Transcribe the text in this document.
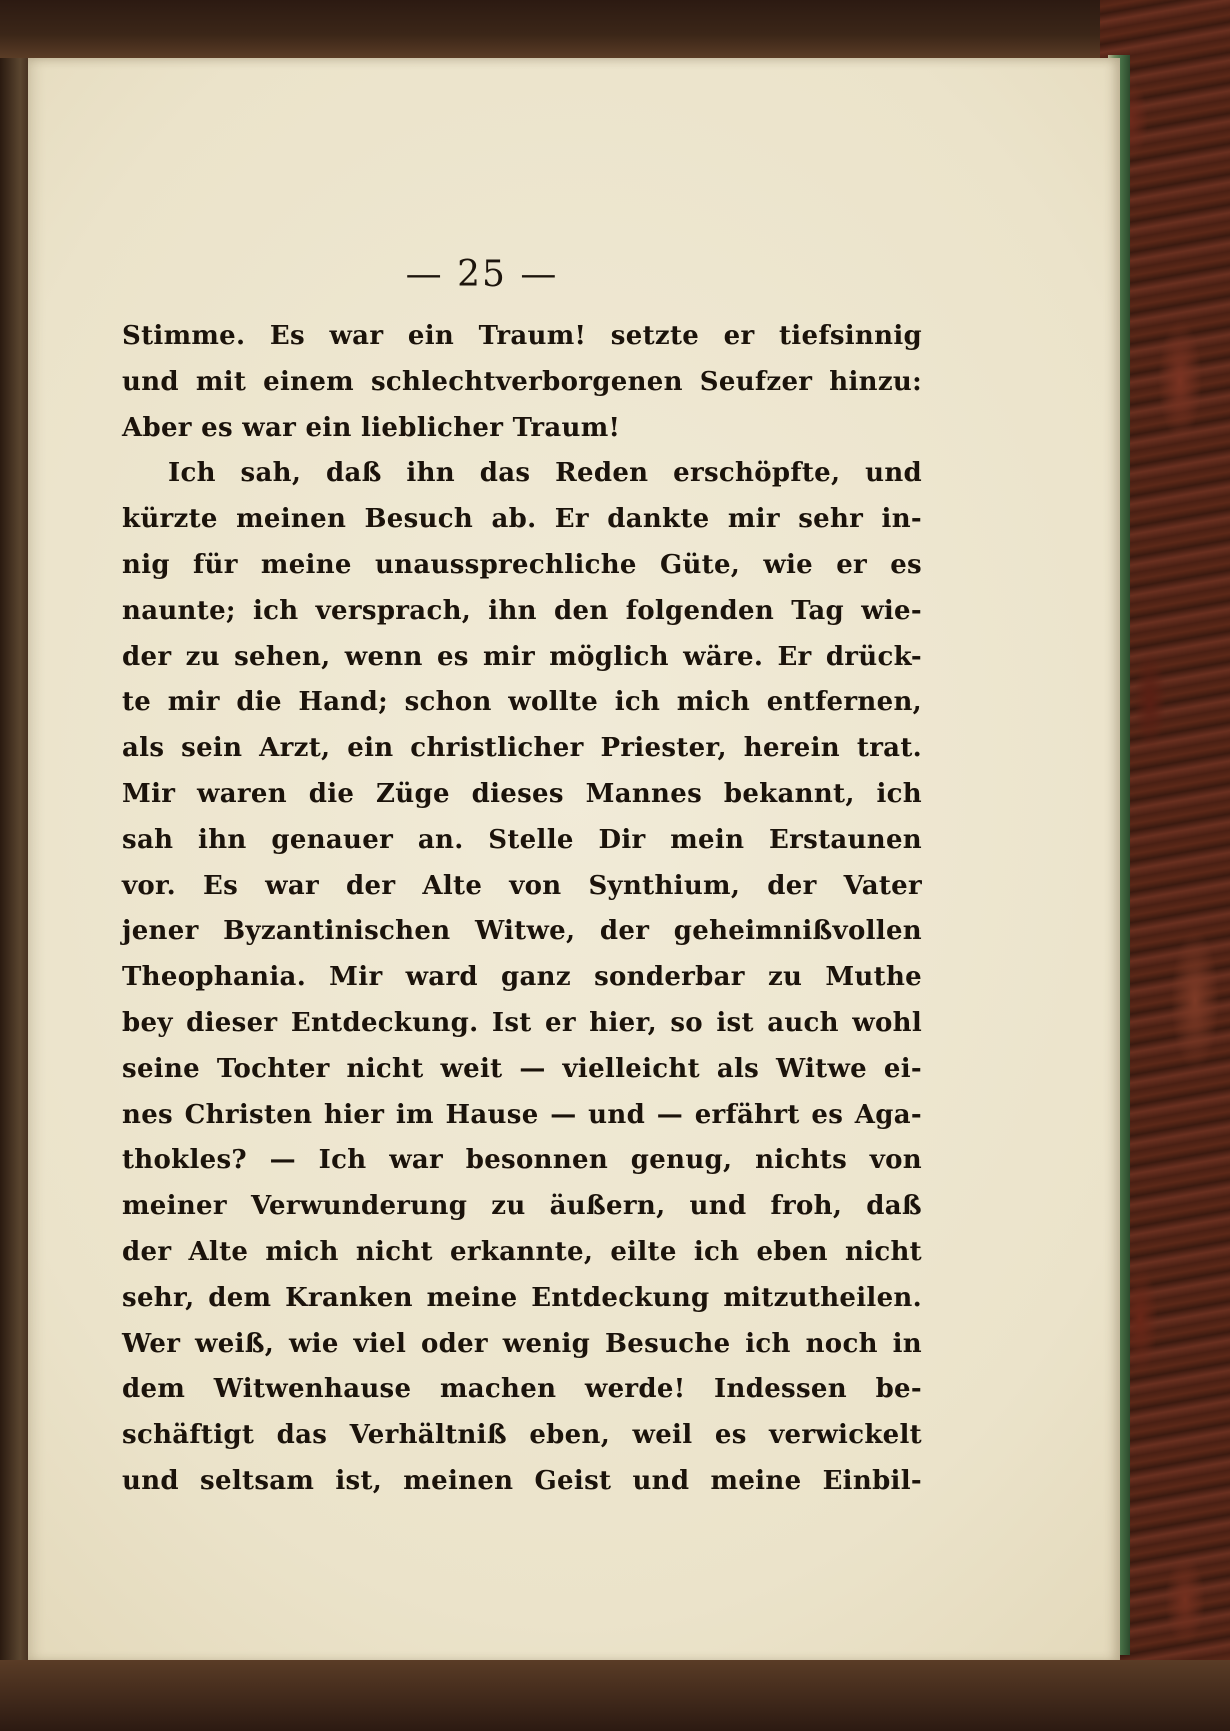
— 25 —
Stimme. Es war ein Traum! setzte er tiefsinnig
und mit einem schlechtverborgenen Seufzer hinzu:
Aber es war ein lieblicher Traum!
Ich sah, daß ihn das Reden erschöpfte, und
kürzte meinen Besuch ab. Er dankte mir sehr in-
nig für meine unaussprechliche Güte, wie er es
naunte; ich versprach, ihn den folgenden Tag wie-
der zu sehen, wenn es mir möglich wäre. Er drück-
te mir die Hand; schon wollte ich mich entfernen,
als sein Arzt, ein christlicher Priester, herein trat.
Mir waren die Züge dieses Mannes bekannt, ich
sah ihn genauer an. Stelle Dir mein Erstaunen
vor. Es war der Alte von Synthium, der Vater
jener Byzantinischen Witwe, der geheimnißvollen
Theophania. Mir ward ganz sonderbar zu Muthe
bey dieser Entdeckung. Ist er hier, so ist auch wohl
seine Tochter nicht weit — vielleicht als Witwe ei-
nes Christen hier im Hause — und — erfährt es Aga-
thokles? — Ich war besonnen genug, nichts von
meiner Verwunderung zu äußern, und froh, daß
der Alte mich nicht erkannte, eilte ich eben nicht
sehr, dem Kranken meine Entdeckung mitzutheilen.
Wer weiß, wie viel oder wenig Besuche ich noch in
dem Witwenhause machen werde! Indessen be-
schäftigt das Verhältniß eben, weil es verwickelt
und seltsam ist, meinen Geist und meine Einbil-
